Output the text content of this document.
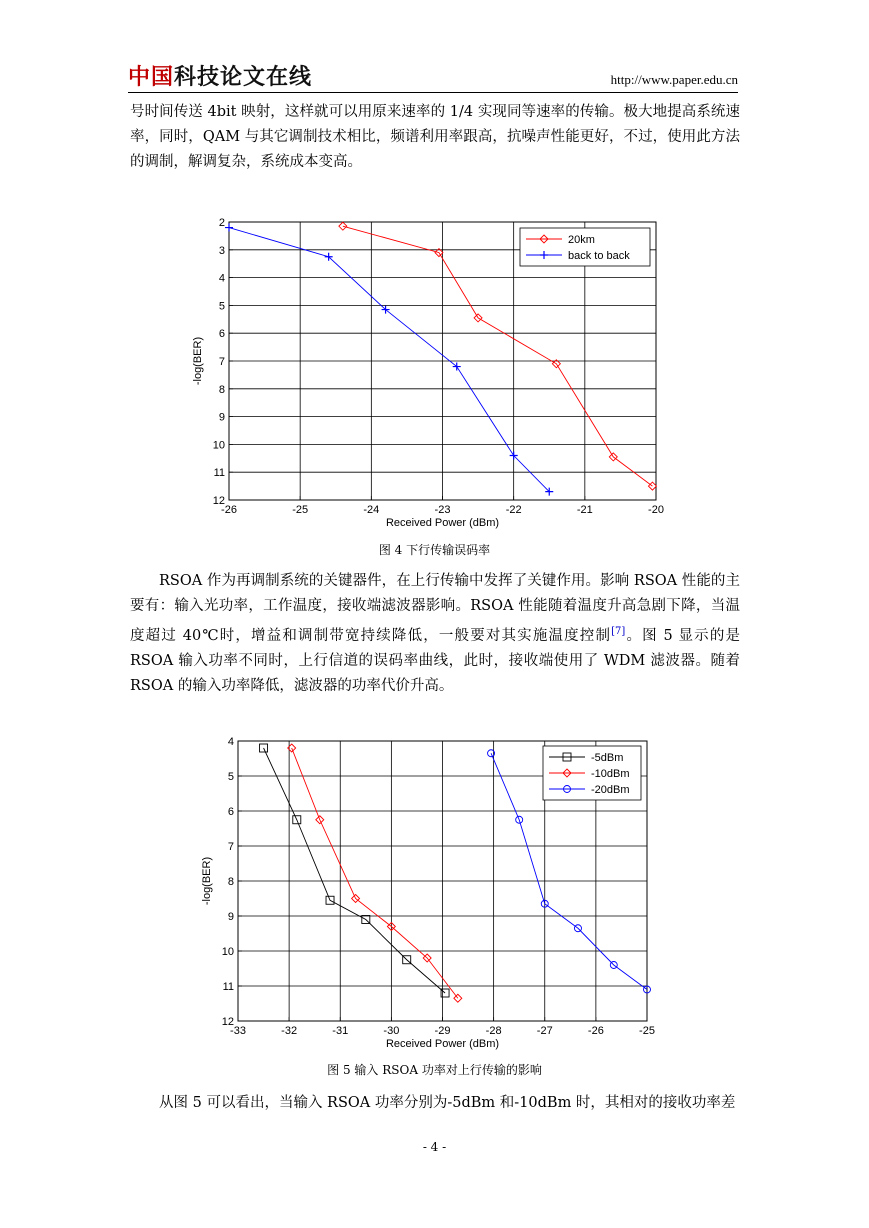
中国科技论文在线	http://www.paper.edu.cn
号时间传送 4bit 映射，这样就可以用原来速率的 1/4 实现同等速率的传输。极大地提高系统速率，同时，QAM 与其它调制技术相比，频谱利用率跟高，抗噪声性能更好，不过，使用此方法的调制，解调复杂，系统成本变高。
-26	-25	-24	-23	-22	-21	-20
2
3
4
5
6
7
8
9
10
11
12
Received Power (dBm)
-log(BER)
20km
back to back
图 4 下行传输误码率
RSOA 作为再调制系统的关键器件，在上行传输中发挥了关键作用。影响 RSOA 性能的主要有：输入光功率，工作温度，接收端滤波器影响。RSOA 性能随着温度升高急剧下降，当温度超过 40℃时，增益和调制带宽持续降低，一般要对其实施温度控制[7]。图 5 显示的是 RSOA 输入功率不同时，上行信道的误码率曲线，此时，接收端使用了 WDM 滤波器。随着 RSOA 的输入功率降低，滤波器的功率代价升高。
-33	-32	-31	-30	-29	-28	-27	-26	-25
4
5
6
7
8
9
10
11
12
Received Power (dBm)
-log(BER)
-5dBm
-10dBm
-20dBm
图 5 输入 RSOA 功率对上行传输的影响
从图 5 可以看出，当输入 RSOA 功率分别为-5dBm 和-10dBm 时，其相对的接收功率差
- 4 -
